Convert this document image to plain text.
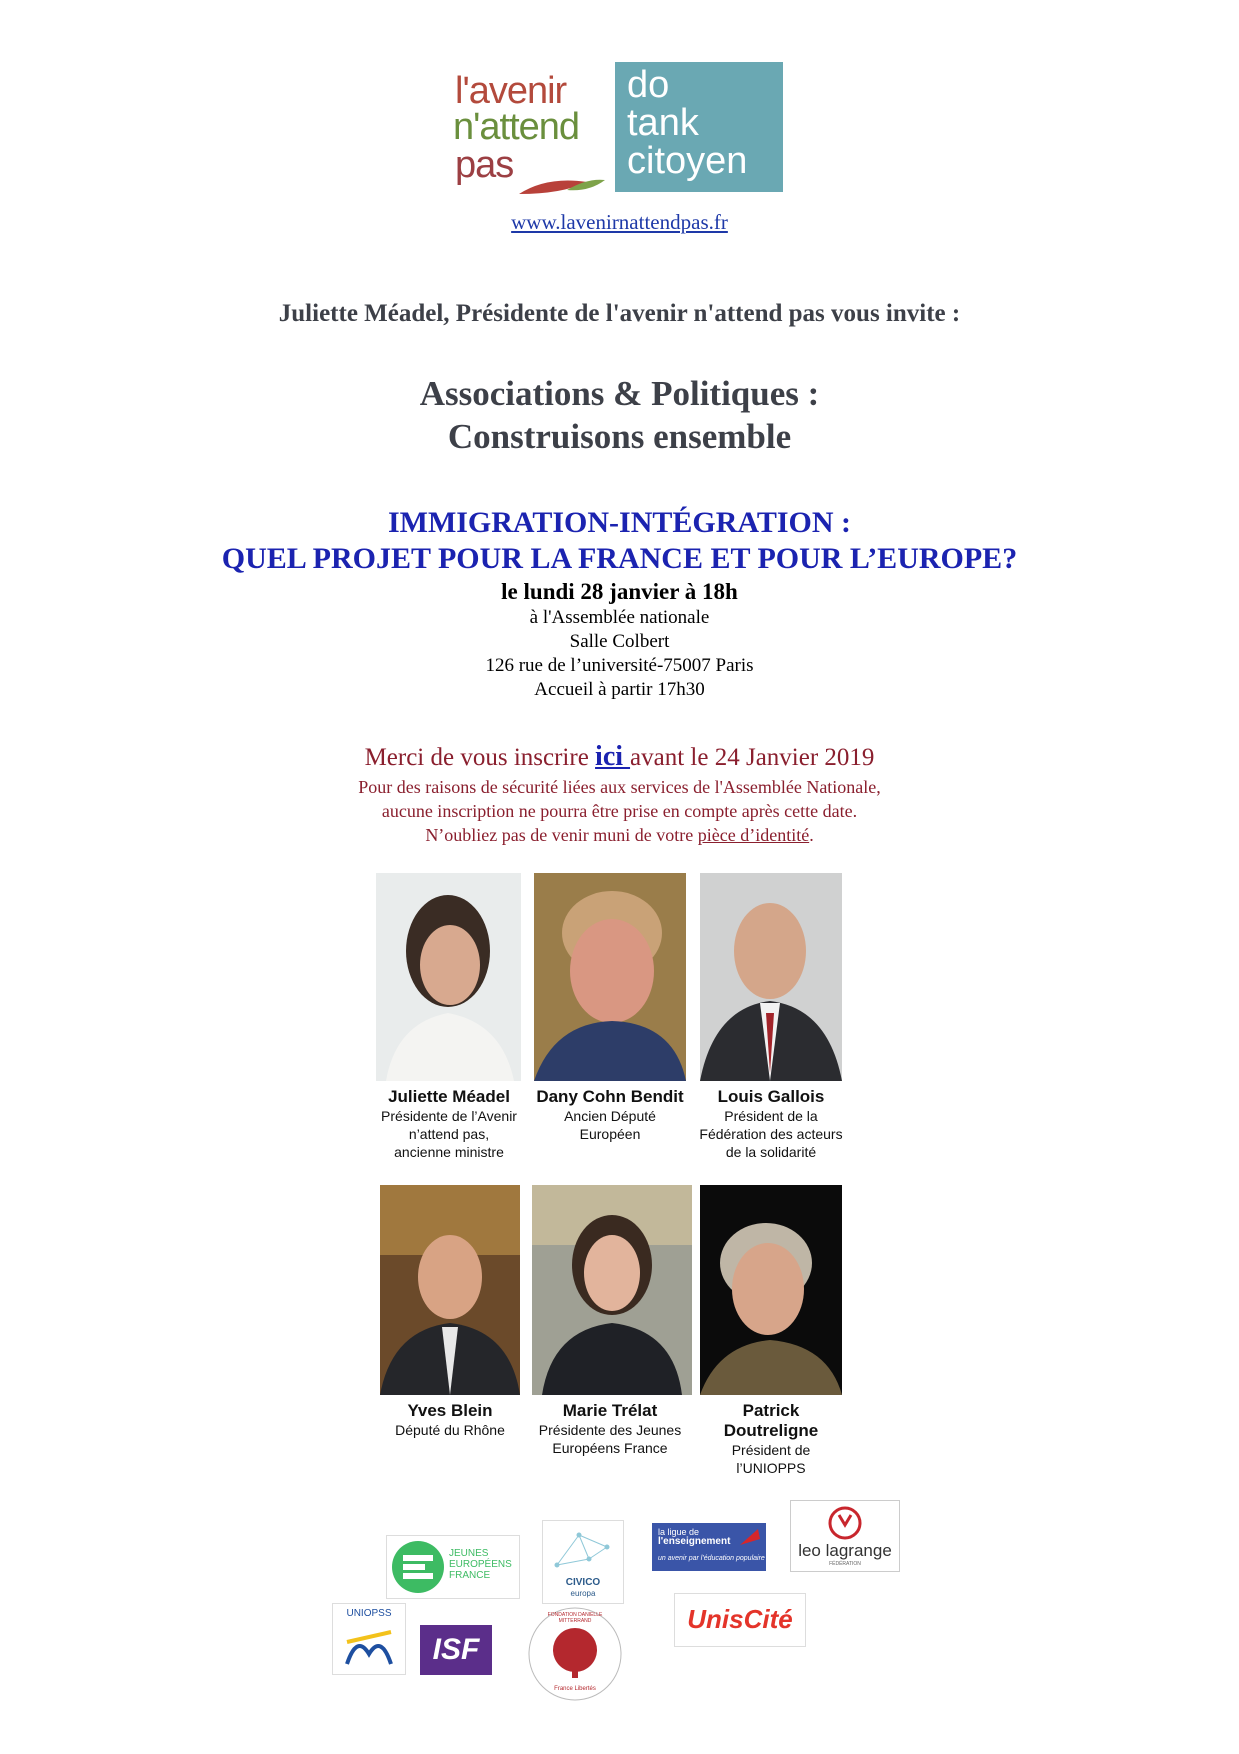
l'avenir
n'attend
pas
do
tank
citoyen
www.lavenirnattendpas.fr
Juliette Méadel, Présidente de l'avenir n'attend pas vous invite :
Associations & Politiques :
Construisons ensemble
IMMIGRATION-INTÉGRATION :
QUEL PROJET POUR LA FRANCE ET POUR L’EUROPE?
le lundi 28 janvier à 18h
à l'Assemblée nationale
Salle Colbert
126 rue de l’université-75007 Paris
Accueil à partir 17h30
Merci de vous inscrire ici avant le 24 Janvier 2019
Pour des raisons de sécurité liées aux services de l'Assemblée Nationale,
aucune inscription ne pourra être prise en compte après cette date.
N’oubliez pas de venir muni de votre pièce d’identité.
Juliette Méadel
Présidente de l’Avenir
n’attend pas,
ancienne ministre
Dany Cohn Bendit
Ancien Député
Européen
Louis Gallois
Président de la
Fédération des acteurs
de la solidarité
Yves Blein
Député du Rhône
Marie Trélat
Présidente des Jeunes
Européens France
Patrick
Doutreligne
Président de
l’UNIOPPS
JEUNES
EUROPÉENS
FRANCE
CIVICO
europa
la ligue de
l'enseignement
un avenir par l'éducation populaire	leo lagrange
FÉDÉRATION
UNIOPSS
ISF
FONDATION DANIELLE MITTERRAND
France Libertés
UnisCité
